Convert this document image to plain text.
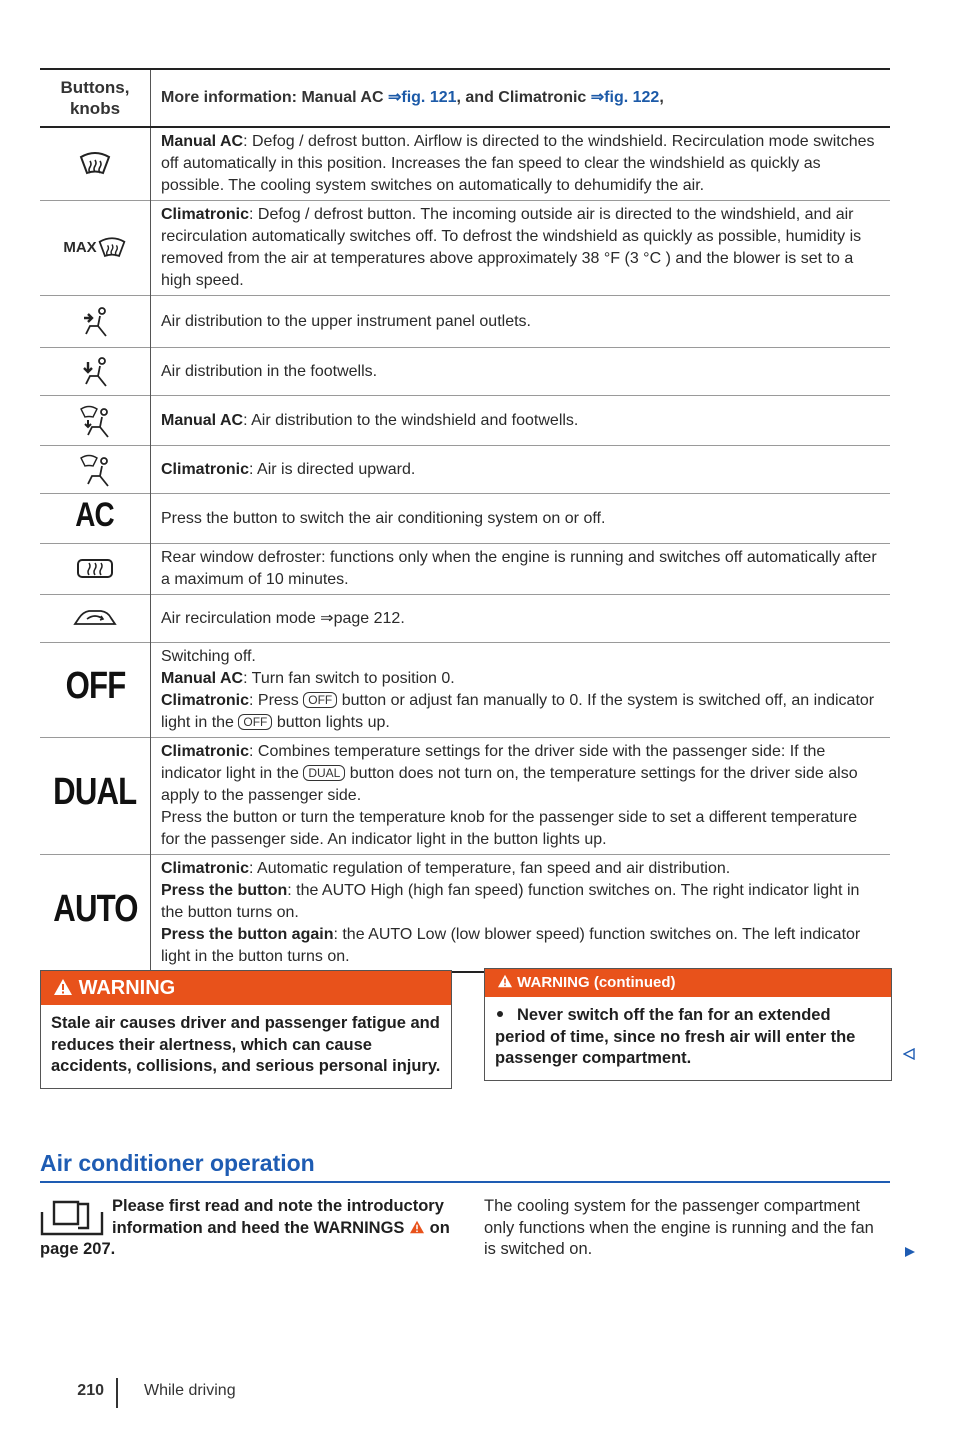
Buttons,
knobs	More information: Manual AC ⇒fig. 121, and Climatronic ⇒fig. 122,
	Manual AC: Defog / defrost button. Airflow is directed to the windshield. Recirculation mode switches off automatically in this position. Increases the fan speed to clear the windshield as quickly as possible. The cooling system switches on automatically to dehumidify the air.
MAX	Climatronic: Defog / defrost button. The incoming outside air is directed to the windshield, and air recirculation automatically switches off. To defrost the windshield as quickly as possible, humidity is removed from the air at temperatures above approximately 38 °F (3 °C ) and the blower is set to a high speed.
	Air distribution to the upper instrument panel outlets.
	Air distribution in the footwells.
	Manual AC: Air distribution to the windshield and footwells.
	Climatronic: Air is directed upward.
AC	Press the button to switch the air conditioning system on or off.
	Rear window defroster: functions only when the engine is running and switches off automatically after a maximum of 10 minutes.
	Air recirculation mode ⇒page 212.
OFF	Switching off.
Manual AC: Turn fan switch to position 0.
Climatronic: Press OFF button or adjust fan manually to 0. If the system is switched off, an indicator light in the OFF button lights up.
DUAL	Climatronic: Combines temperature settings for the driver side with the passenger side: If the indicator light in the DUAL button does not turn on, the temperature settings for the driver side also apply to the passenger side.
Press the button or turn the temperature knob for the passenger side to set a different temperature for the passenger side. An indicator light in the button lights up.
AUTO	Climatronic: Automatic regulation of temperature, fan speed and air distribution.
Press the button: the AUTO High (high fan speed) function switches on. The right indicator light in the button turns on.
Press the button again: the AUTO Low (low blower speed) function switches on. The left indicator light in the button turns on.
WARNING
Stale air causes driver and passenger fatigue and reduces their alertness, which can cause accidents, collisions, and serious personal injury.
WARNING (continued)
Never switch off the fan for an extended period of time, since no fresh air will enter the passenger compartment.
Air conditioner operation
Please first read and note the introductory information and heed the WARNINGS  on page 207.
The cooling system for the passenger compartment only functions when the engine is running and the fan is switched on.
210	While driving
